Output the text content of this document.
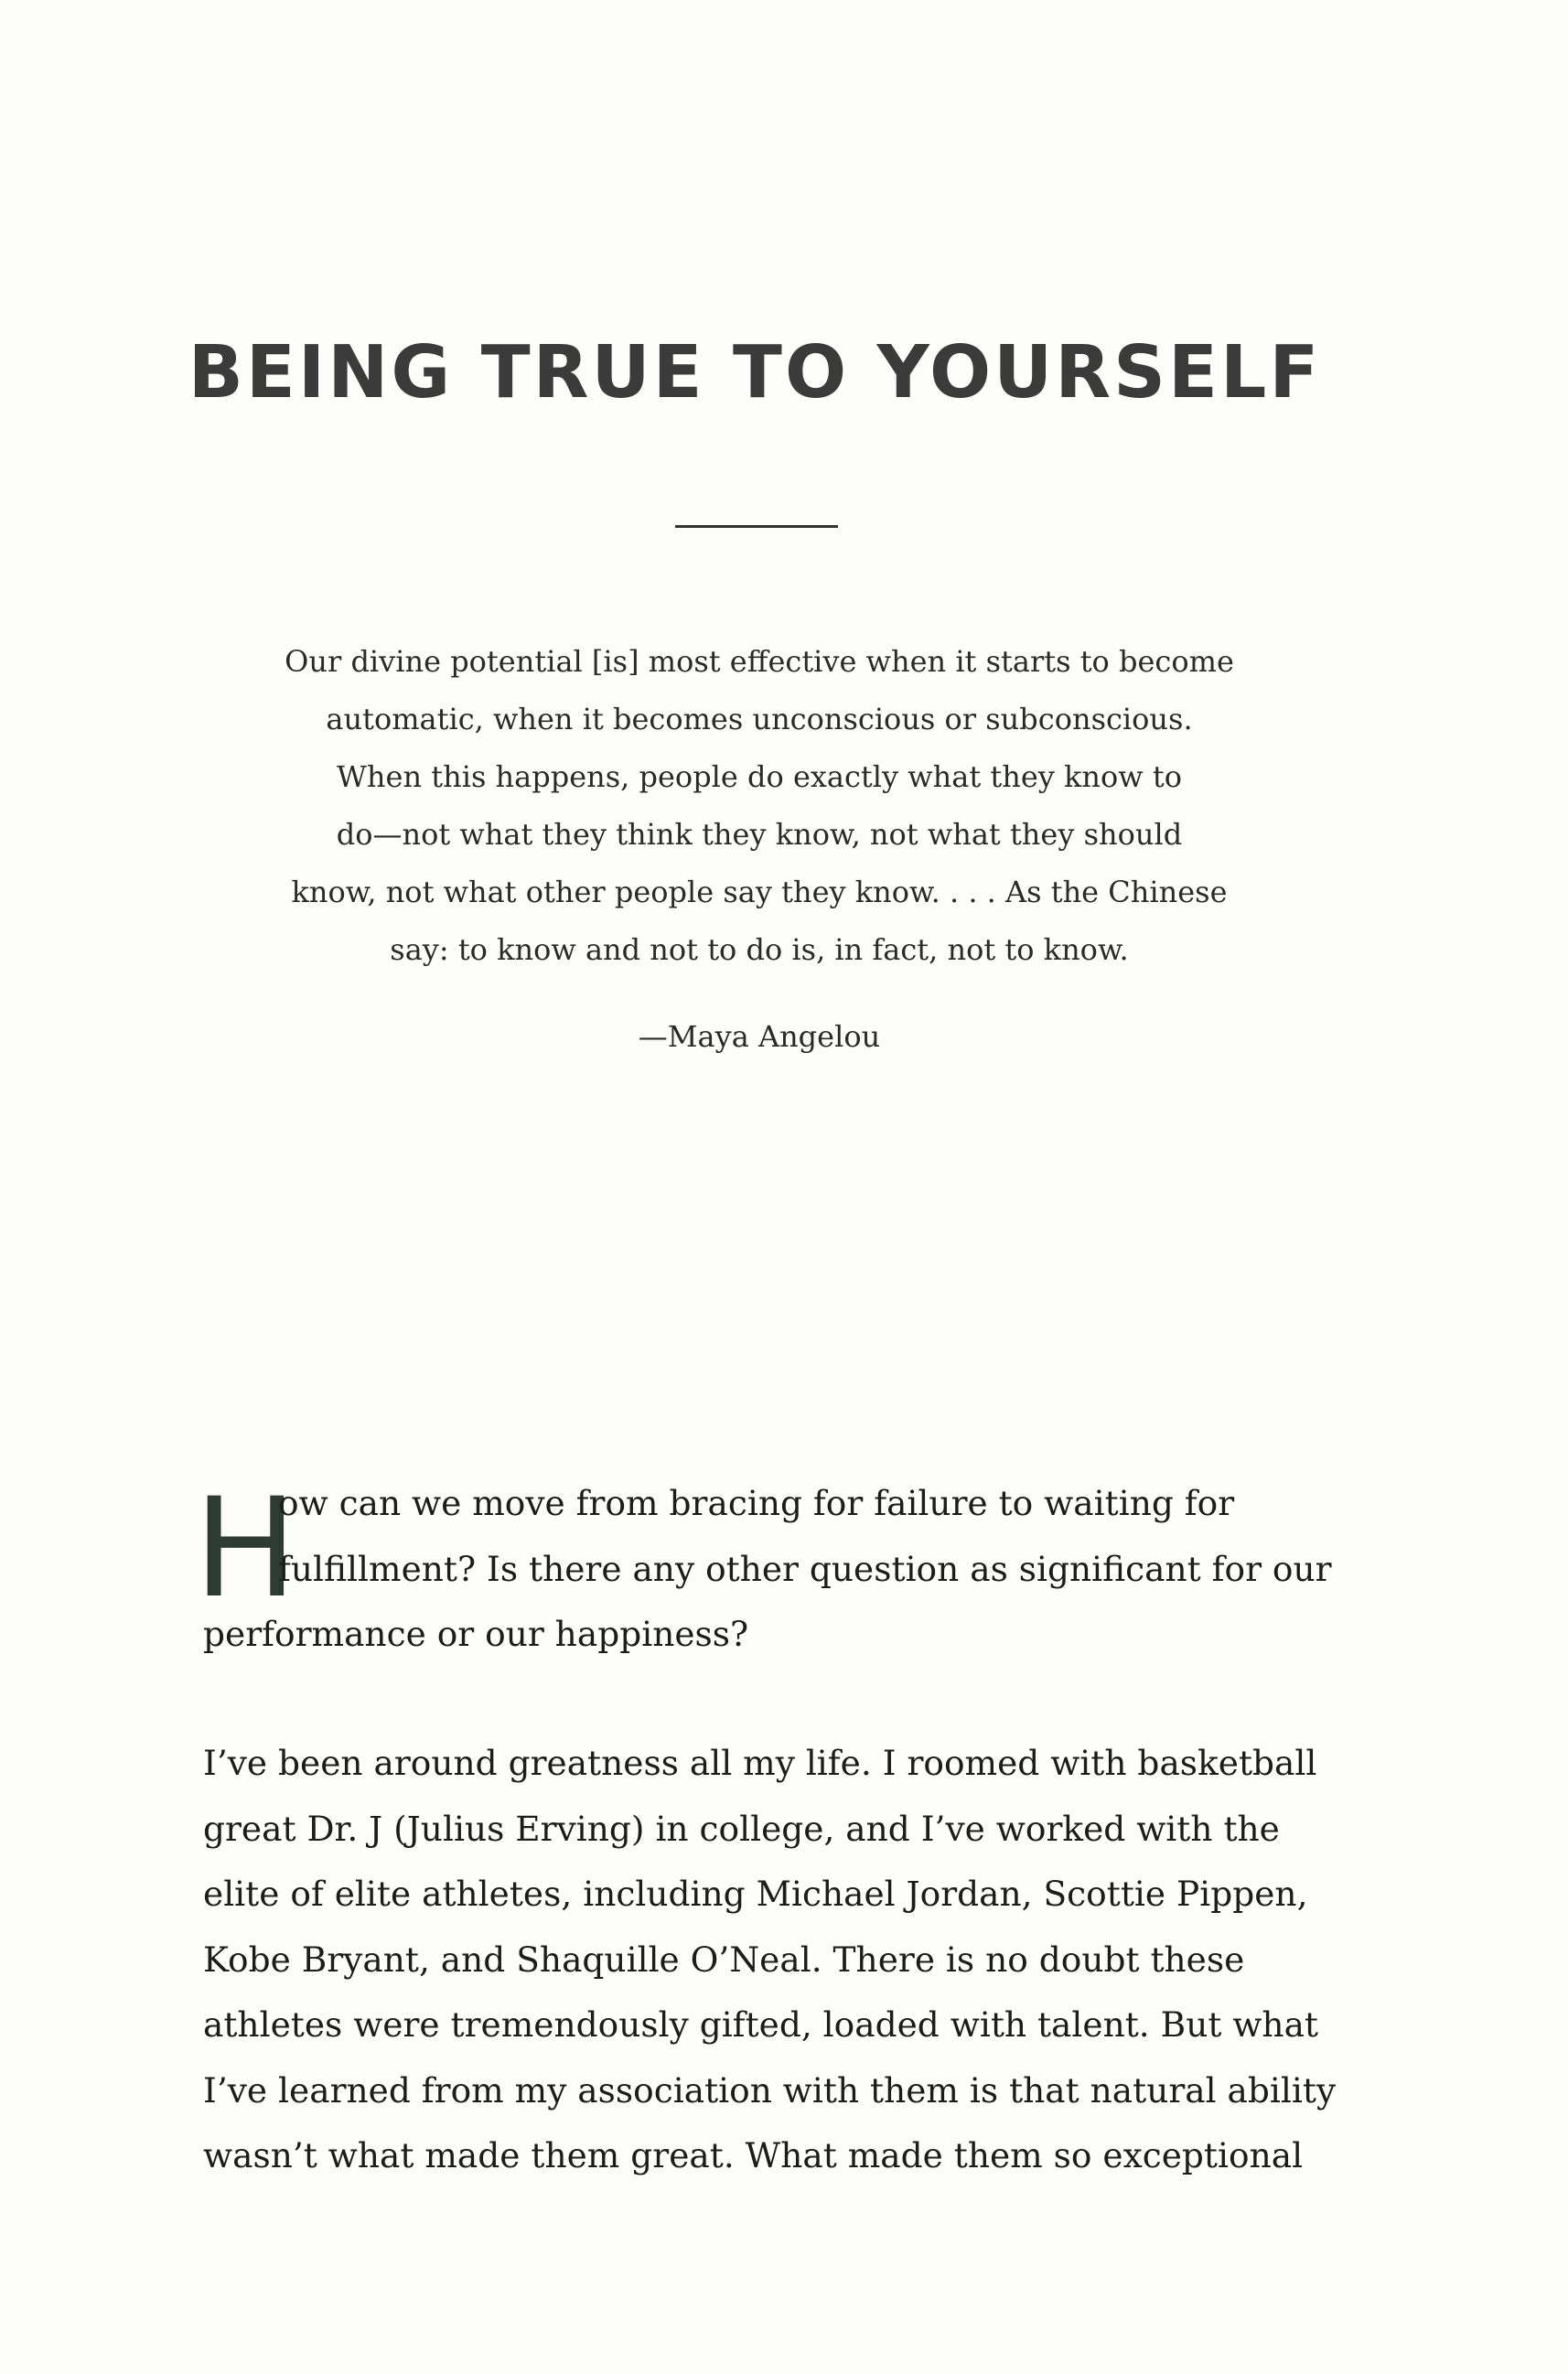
BEING TRUE TO YOURSELF
Our divine potential [is] most effective when it starts to become
automatic, when it becomes unconscious or subconscious.
When this happens, people do exactly what they know to
do—not what they think they know, not what they should
know, not what other people say they know. . . . As the Chinese
say: to know and not to do is, in fact, not to know.
—Maya Angelou
H
ow can we move from bracing for failure to waiting for
fulfillment? Is there any other question as significant for our
performance or our happiness?
I’ve been around greatness all my life. I roomed with basketball
great Dr. J (Julius Erving) in college, and I’ve worked with the
elite of elite athletes, including Michael Jordan, Scottie Pippen,
Kobe Bryant, and Shaquille O’Neal. There is no doubt these
athletes were tremendously gifted, loaded with talent. But what
I’ve learned from my association with them is that natural ability
wasn’t what made them great. What made them so exceptional
